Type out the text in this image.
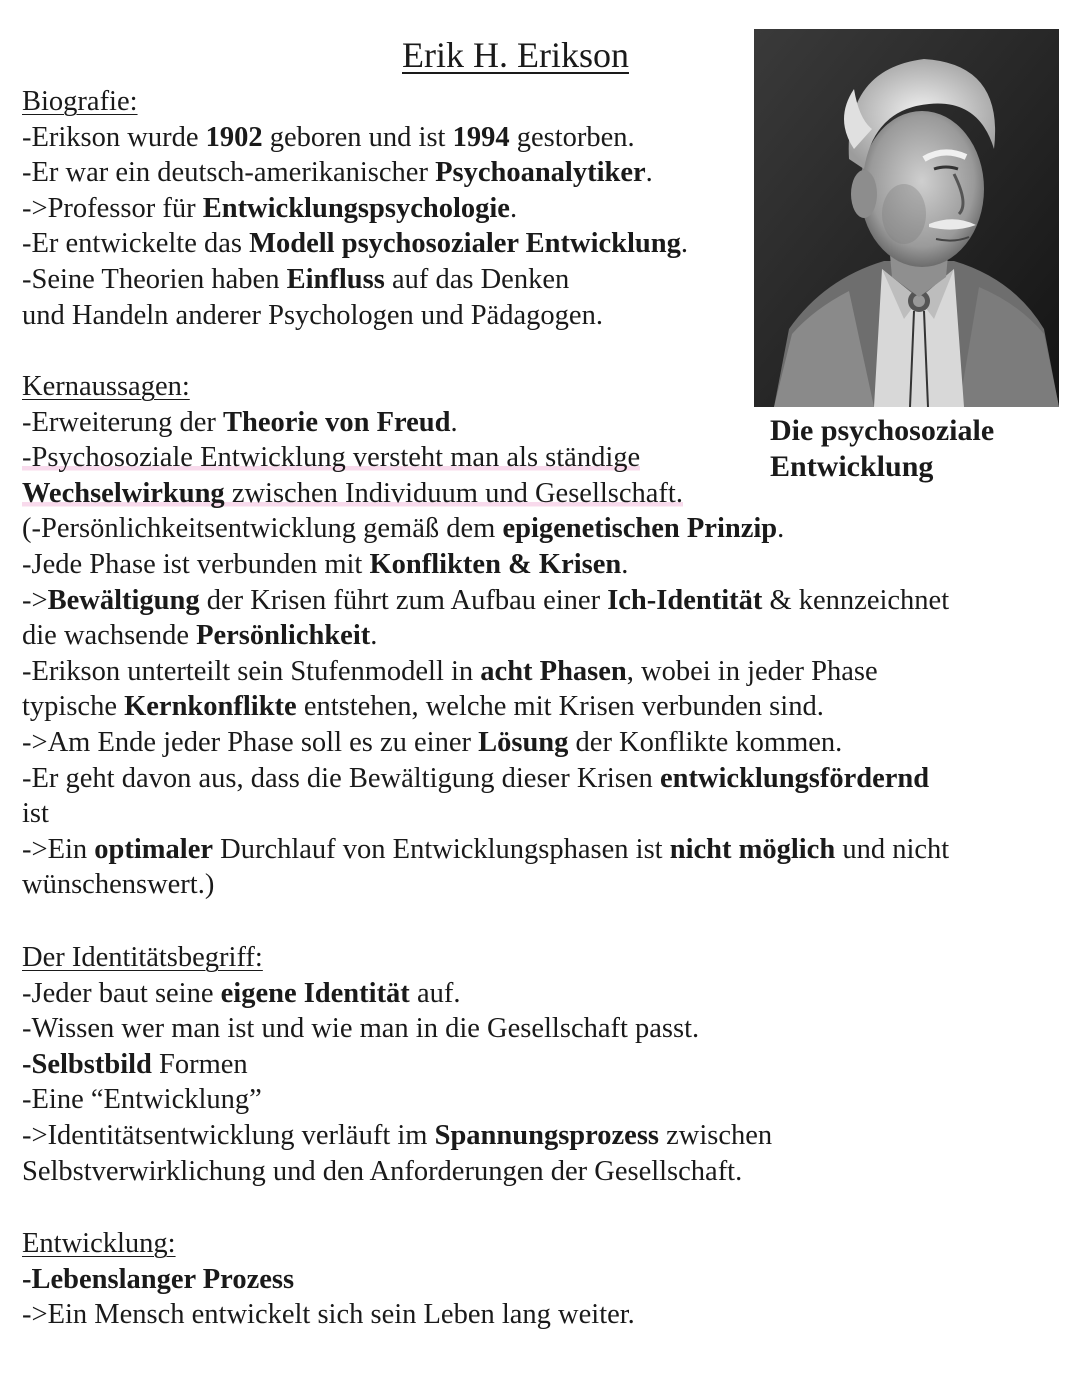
Erik H. Erikson
Die psychosoziale
Entwicklung
Biografie:
-Erikson wurde 1902 geboren und ist 1994 gestorben.
-Er war ein deutsch-amerikanischer Psychoanalytiker.
->Professor für Entwicklungspsychologie.
-Er entwickelte das Modell psychosozialer Entwicklung.
-Seine Theorien haben Einfluss auf das Denken
und Handeln anderer Psychologen und Pädagogen.
Kernaussagen:
-Erweiterung der Theorie von Freud.
-Psychosoziale Entwicklung versteht man als ständige
Wechselwirkung zwischen Individuum und Gesellschaft.
(-Persönlichkeitsentwicklung gemäß dem epigenetischen Prinzip.
-Jede Phase ist verbunden mit Konflikten & Krisen.
->Bewältigung der Krisen führt zum Aufbau einer Ich-Identität & kennzeichnet
die wachsende Persönlichkeit.
-Erikson unterteilt sein Stufenmodell in acht Phasen, wobei in jeder Phase
typische Kernkonflikte entstehen, welche mit Krisen verbunden sind.
->Am Ende jeder Phase soll es zu einer Lösung der Konflikte kommen.
-Er geht davon aus, dass die Bewältigung dieser Krisen entwicklungsfördernd
ist
->Ein optimaler Durchlauf von Entwicklungsphasen ist nicht möglich und nicht
wünschenswert.)
Der Identitätsbegriff:
-Jeder baut seine eigene Identität auf.
-Wissen wer man ist und wie man in die Gesellschaft passt.
-Selbstbild Formen
-Eine “Entwicklung”
->Identitätsentwicklung verläuft im Spannungsprozess zwischen
Selbstverwirklichung und den Anforderungen der Gesellschaft.
Entwicklung:
-Lebenslanger Prozess
->Ein Mensch entwickelt sich sein Leben lang weiter.
